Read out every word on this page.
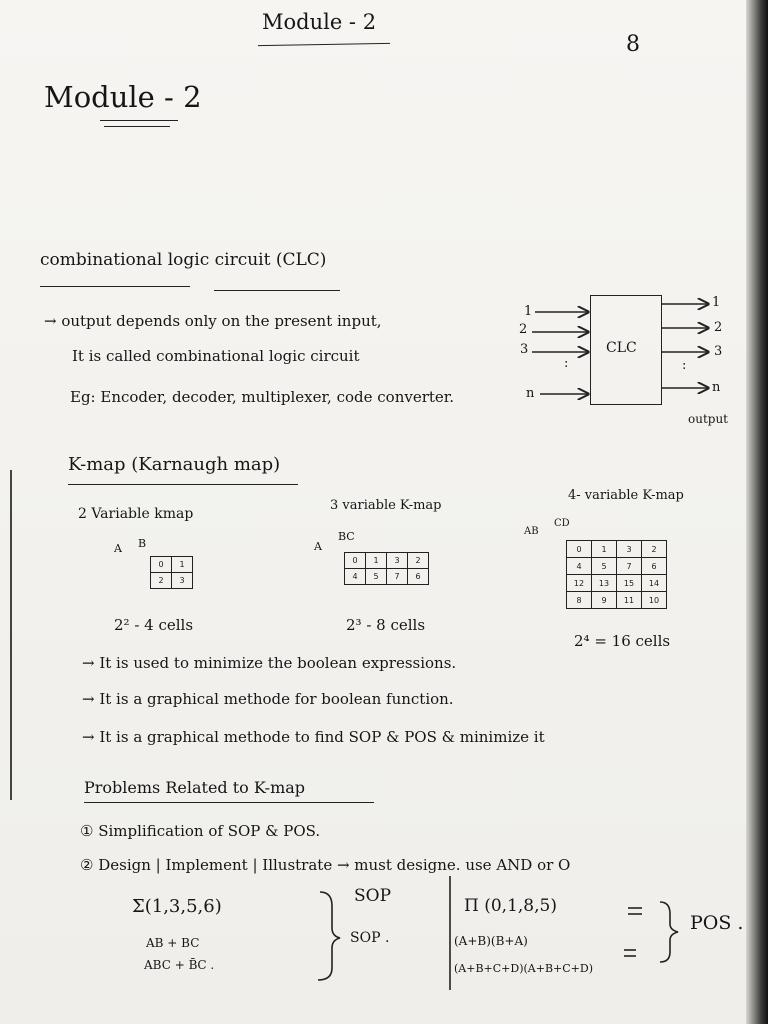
Module - 2
8
Module - 2
combinational logic circuit (CLC)
→ output depends only on the present input,
It is called combinational logic circuit
Eg: Encoder, decoder, multiplexer, code converter.
CLC
1
2
3
:
n
1
2
3
:
n
output
K-map (Karnaugh map)
2 Variable kmap
A B
0	1
2	3
2² - 4 cells
3 variable K-map
A
BC
0	1	3	2
4	5	7	6
2³ - 8 cells
4- variable K-map
AB
CD
0	1	3	2
4	5	7	6
12	13	15	14
8	9	11	10
2⁴ = 16 cells
→ It is used to minimize the boolean expressions.
→ It is a graphical methode for boolean function.
→ It is a graphical methode to find SOP & POS & minimize it
Problems Related to K-map
① Simplification of SOP & POS.
② Design | Implement | Illustrate → must designe. use AND or O
Σ(1,3,5,6)
AB + BC
ABC + B̄C .
SOP
SOP .
Π (0,1,8,5)
(A+B)(B+A)
(A+B+C+D)(A+B+C+D)
POS .
